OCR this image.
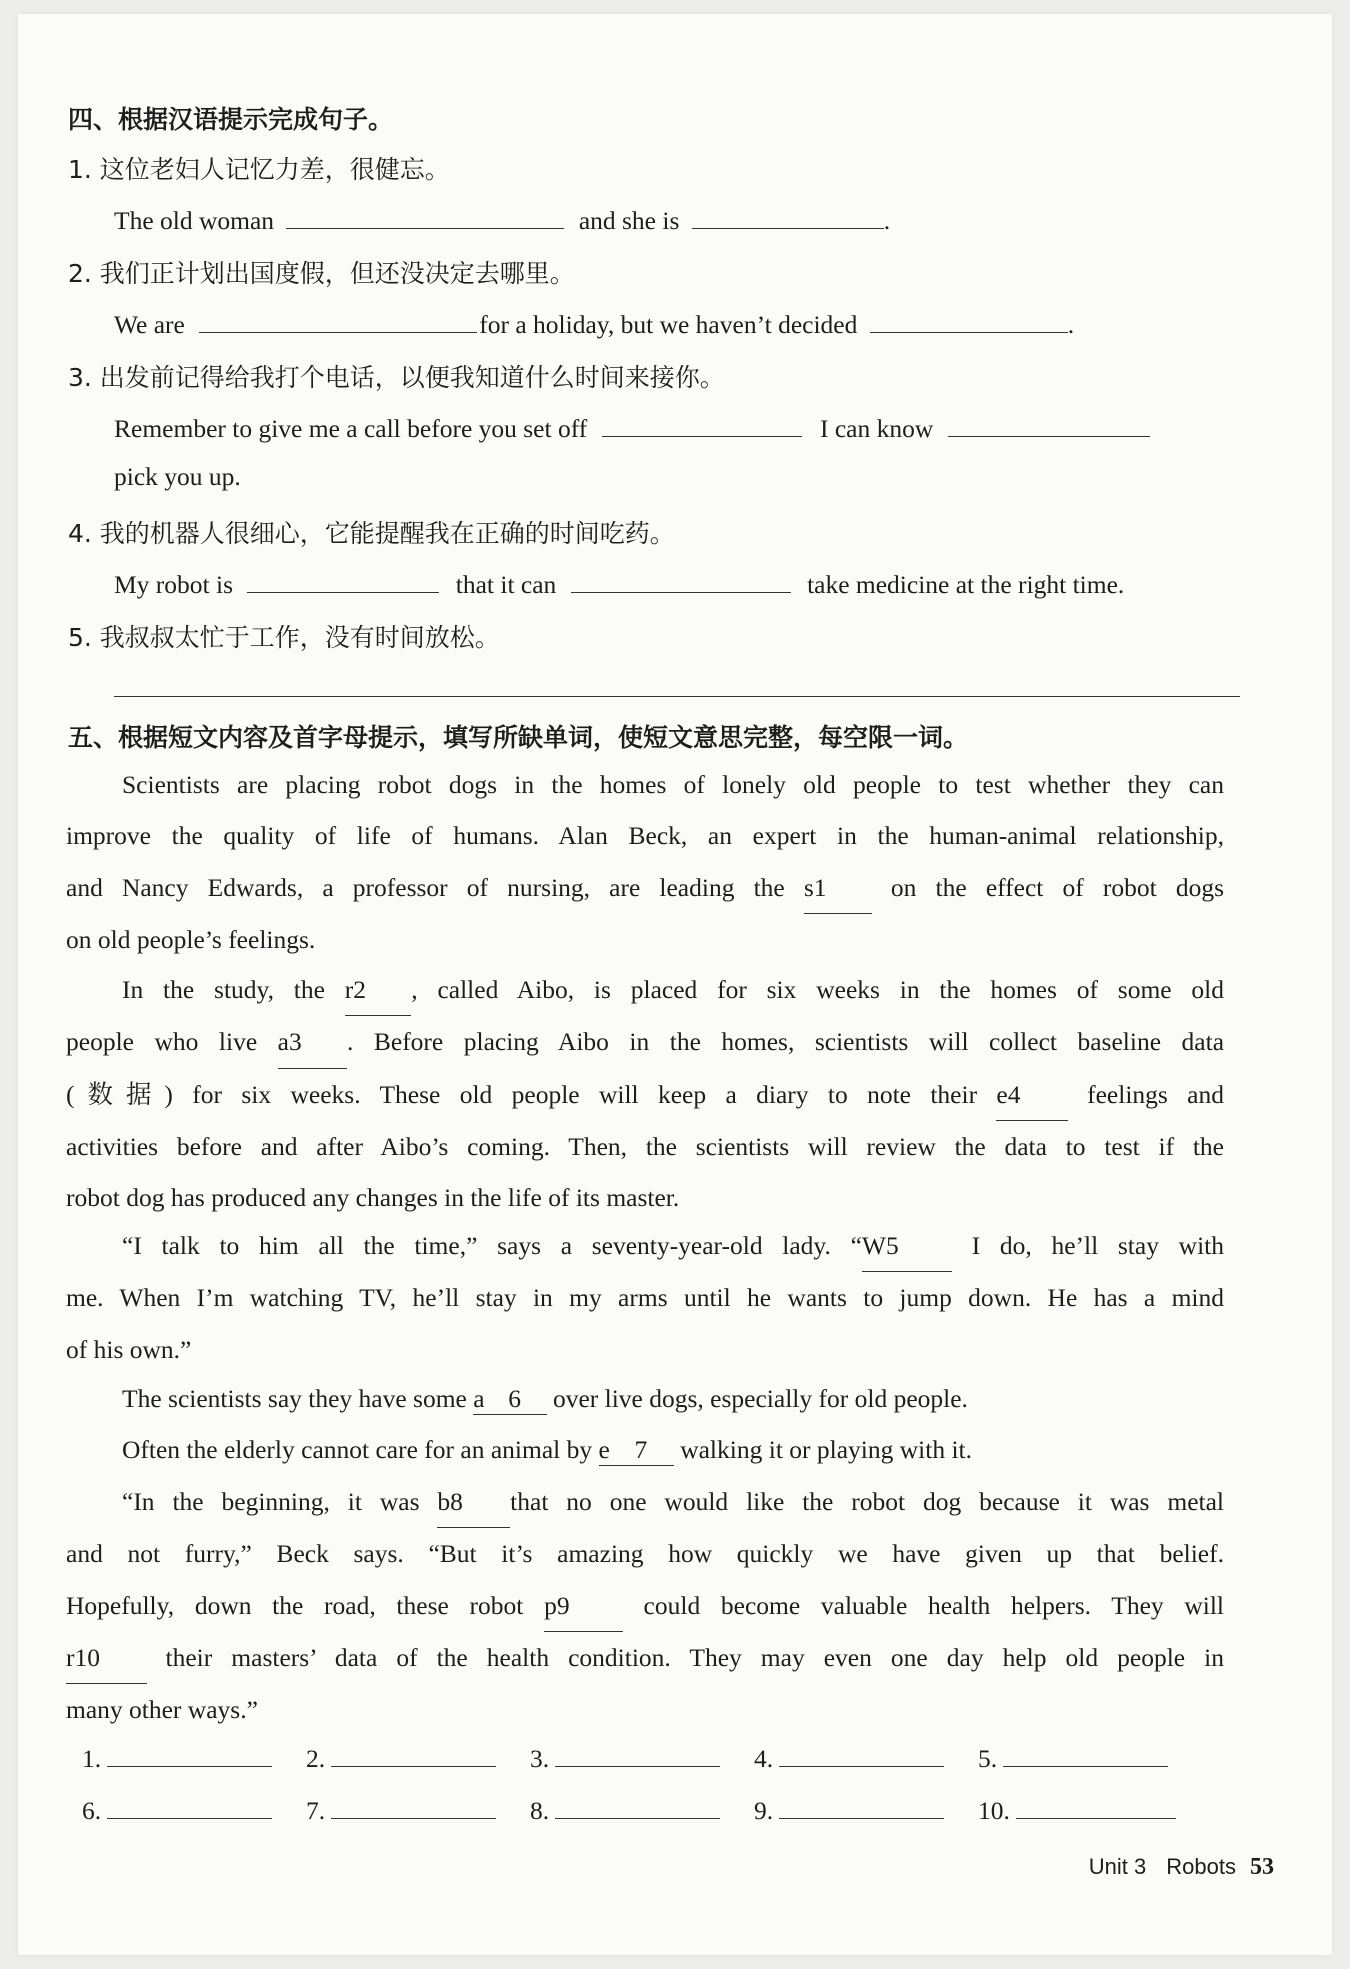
四、根据汉语提示完成句子。
1. 这位老妇人记忆力差，很健忘。
The old woman	and she is	.
2. 我们正计划出国度假，但还没决定去哪里。
We are	for a holiday, but we haven’t decided	.
3. 出发前记得给我打个电话，以便我知道什么时间来接你。
Remember to give me a call before you set off	I can know
pick you up.
4. 我的机器人很细心，它能提醒我在正确的时间吃药。
My robot is	that it can	take medicine at the right time.
5. 我叔叔太忙于工作，没有时间放松。
五、根据短文内容及首字母提示，填写所缺单词，使短文意思完整，每空限一词。
Scientists are placing robot dogs in the homes of lonely old people to test whether they can
improve the quality of life of humans. Alan Beck, an expert in the human-animal relationship,
and Nancy Edwards, a professor of nursing, are leading the s1	on the effect of robot dogs
on old people’s feelings.
In the study, the r2 , called Aibo, is placed for six weeks in the homes of some old
people who live a3 . Before placing Aibo in the homes, scientists will collect baseline data
(数据) for six weeks. These old people will keep a diary to note their e4	feelings and
activities before and after Aibo’s coming. Then, the scientists will review the data to test if the
robot dog has produced any changes in the life of its master.
“I talk to him all the time,” says a seventy-year-old lady. “W5	I do, he’ll stay with
me. When I’m watching TV, he’ll stay in my arms until he wants to jump down. He has a mind
of his own.”
The scientists say they have some a 6 over live dogs, especially for old people.
Often the elderly cannot care for an animal by e 7 walking it or playing with it.
“In the beginning, it was b8 that no one would like the robot dog because it was metal
and not furry,” Beck says. “But it’s amazing how quickly we have given up that belief.
Hopefully, down the road, these robot p9	could become valuable health helpers. They will
r10	their masters’ data of the health condition. They may even one day help old people in
many other ways.”
1.	2.	3.	4.	5.
6.	7.	8.	9.	10.
Unit 3 Robots 53
